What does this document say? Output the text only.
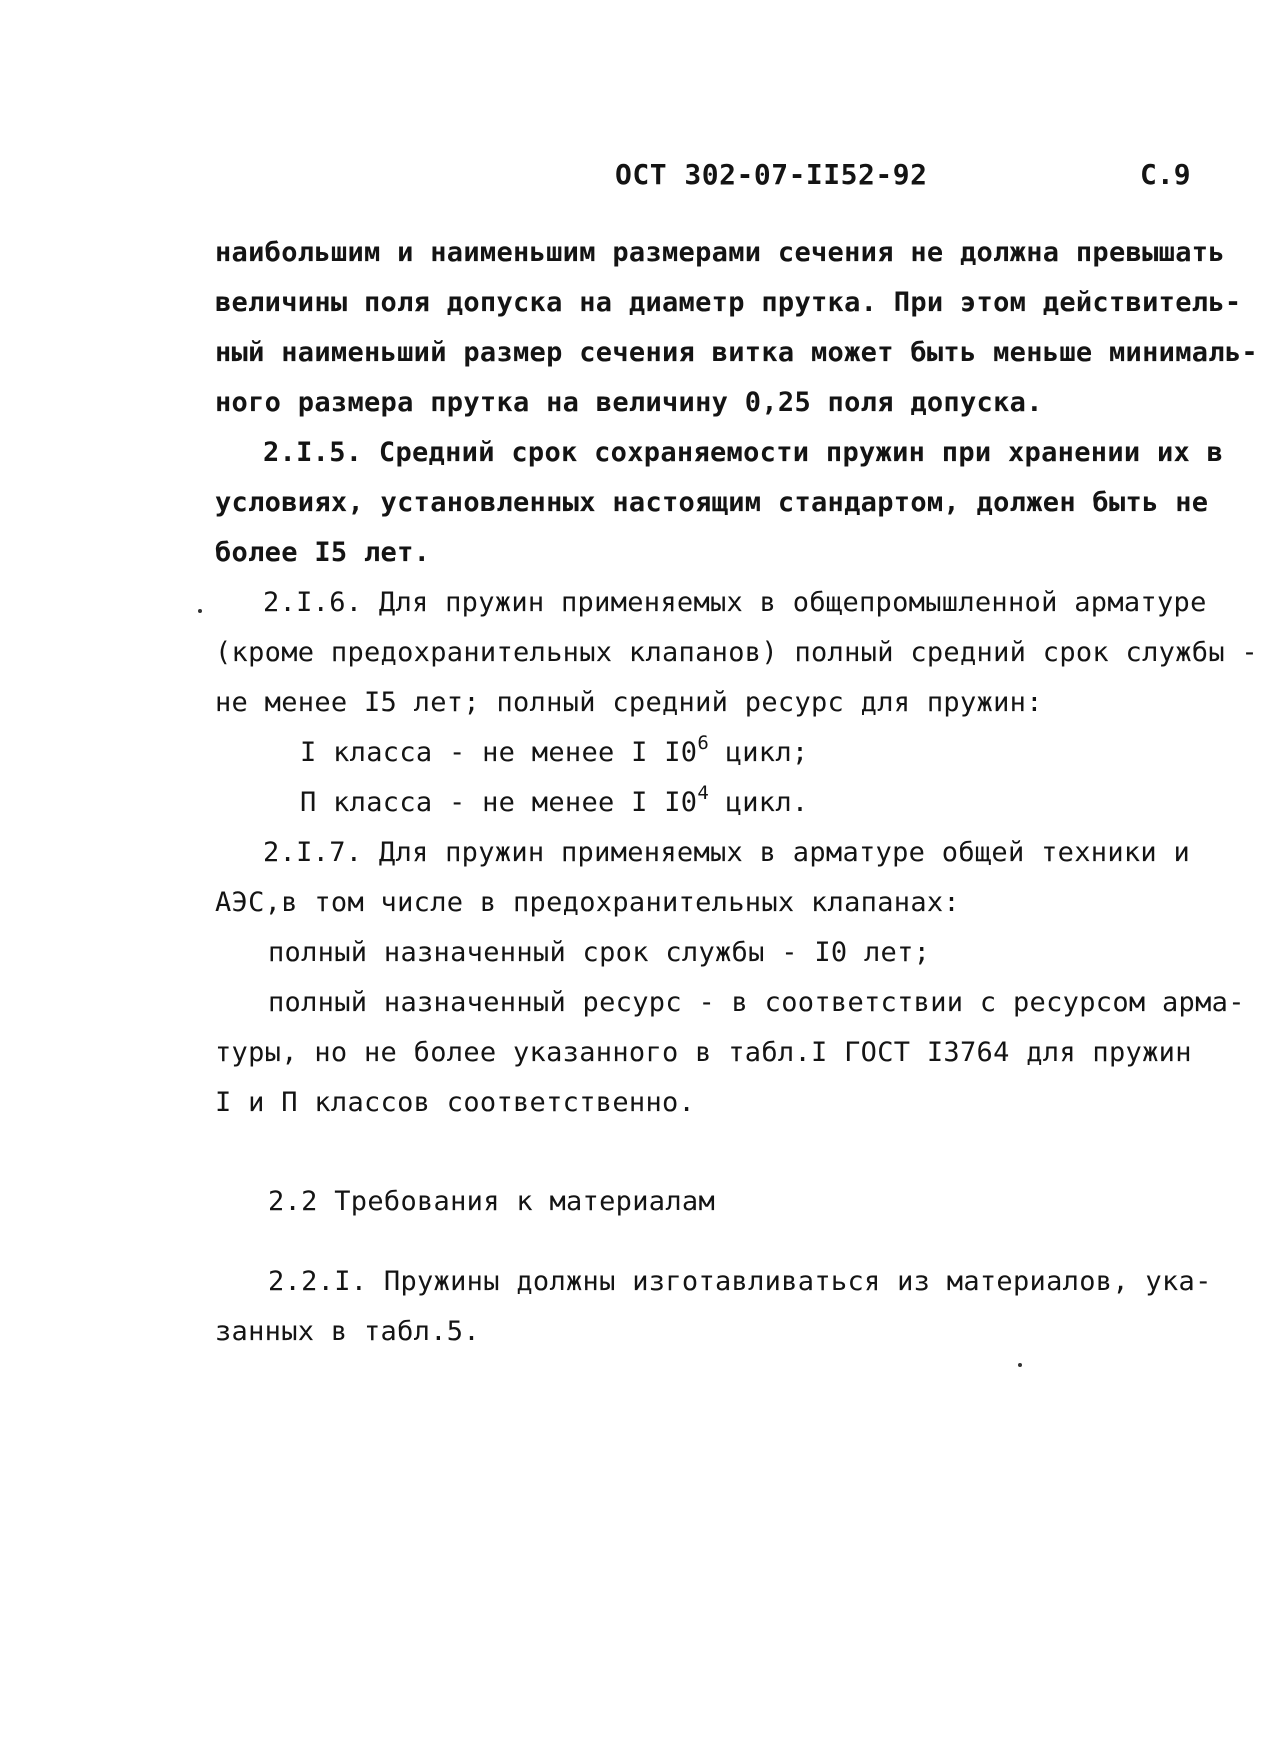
ОСТ 302-07-II52-92	С.9
наибольшим и наименьшим размерами сечения не должна превышать
величины поля допуска на диаметр прутка. При этом действитель-
ный наименьший размер сечения витка может быть меньше минималь-
ного размера прутка на величину 0,25 поля допуска.
2.I.5. Средний срок сохраняемости пружин при хранении их в
условиях, установленных настоящим стандартом, должен быть не
более I5 лет.
2.I.6. Для пружин применяемых в общепромышленной арматуре
(кроме предохранительных клапанов) полный средний срок службы -
не менее I5 лет; полный средний ресурс для пружин:
I класса - не менее I $I0^6$ цикл;
П класса - не менее I $I0^4$ цикл.
2.I.7. Для пружин применяемых в арматуре общей техники и
АЭС,в том числе в предохранительных клапанах:
полный назначенный срок службы - I0 лет;
полный назначенный ресурс - в соответствии с ресурсом арма-
туры, но не более указанного в табл.I ГОСТ I3764 для пружин
I и П классов соответственно.
2.2 Требования к материалам
2.2.I. Пружины должны изготавливаться из материалов, ука-
занных в табл.5.
